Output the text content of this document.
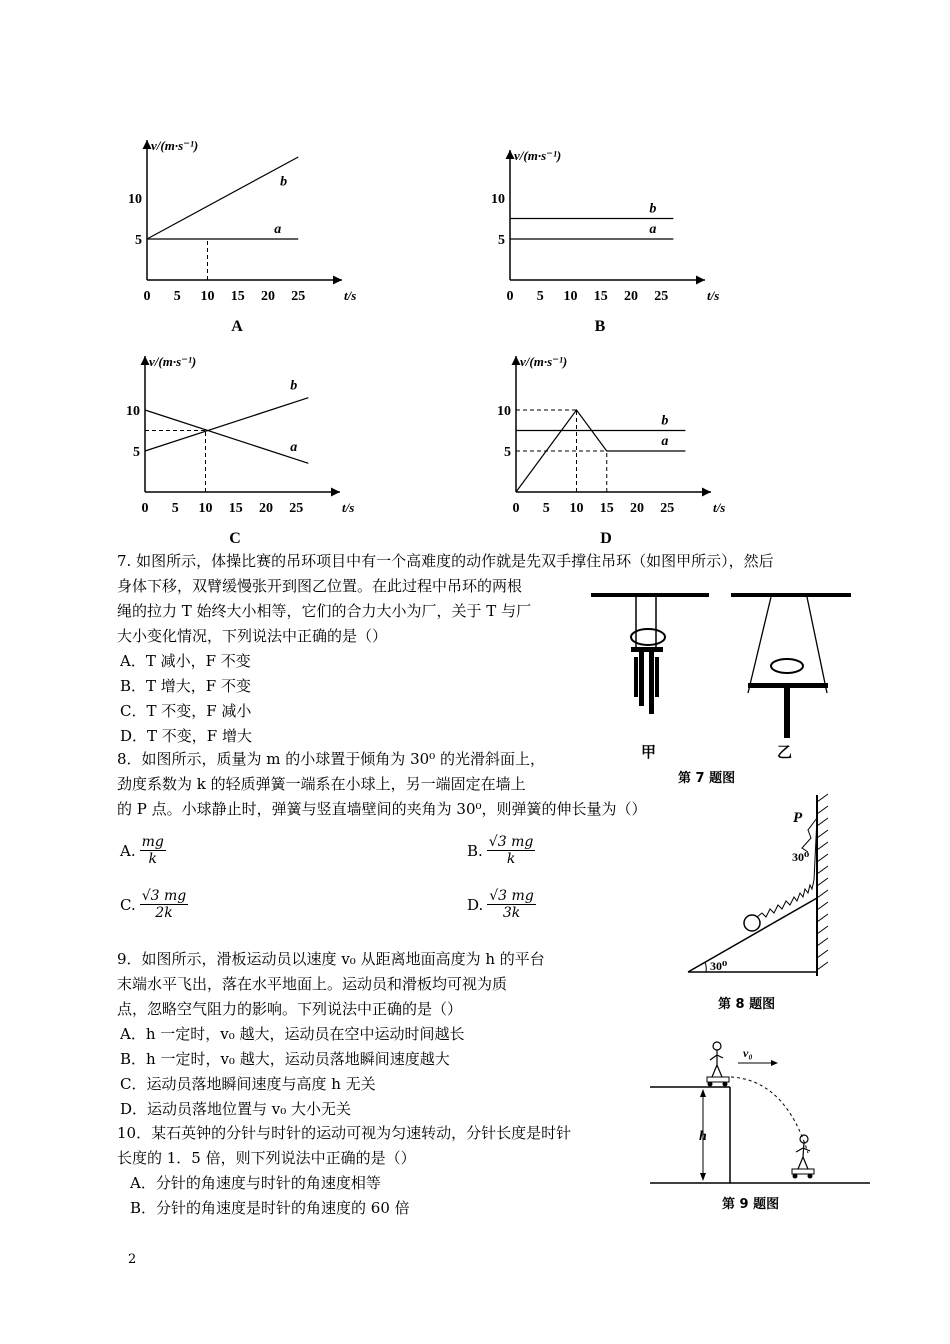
v/(m·s⁻¹)
t/s
0 5 10 15 20 25
5
10
a
b
A
v/(m·s⁻¹)
t/s
0 5 10 15 20 25
5
10
a
b
B
v/(m·s⁻¹)
t/s
0 5 10 15 20 25
5
10
a
b
C
v/(m·s⁻¹)
t/s
0 5 10 15 20 25
5
10
a
b
D
7. 如图所示，体操比赛的吊环项目中有一个高难度的动作就是先双手撑住吊环（如图甲所示），然后
身体下移，双臂缓慢张开到图乙位置。在此过程中吊环的两根
绳的拉力 T 始终大小相等，它们的合力大小为厂，关于 T 与厂
大小变化情况，下列说法中正确的是（）
A．T 减小，F 不变
B．T 增大，F 不变
C．T 不变，F 减小
D．T 不变，F 增大
甲	乙
第 7 题图
8．如图所示，质量为 m 的小球置于倾角为 30⁰ 的光滑斜面上，
劲度系数为 k 的轻质弹簧一端系在小球上，另一端固定在墙上
的 P 点。小球静止时，弹簧与竖直墙壁间的夹角为 30⁰，则弹簧的伸长量为（）
A. $\frac{mg}{k}$	B. $\frac{√3 mg}{k}$
C. $\frac{√3 mg}{2k}$	D. $\frac{√3 mg}{3k}$
P
30⁰
30⁰
第 8 题图
9．如图所示，滑板运动员以速度 v₀ 从距离地面高度为 h 的平台
末端水平飞出，落在水平地面上。运动员和滑板均可视为质
点，忽略空气阻力的影响。下列说法中正确的是（）
A．h 一定时，v₀ 越大，运动员在空中运动时间越长
B．h 一定时，v₀ 越大，运动员落地瞬间速度越大
C．运动员落地瞬间速度与高度 h 无关
D．运动员落地位置与 v₀ 大小无关
h
v₀
第 9 题图
10．某石英钟的分针与时针的运动可视为匀速转动，分针长度是时针
长度的 1．5 倍，则下列说法中正确的是（）
A．分针的角速度与时针的角速度相等
B．分针的角速度是时针的角速度的 60 倍
2
